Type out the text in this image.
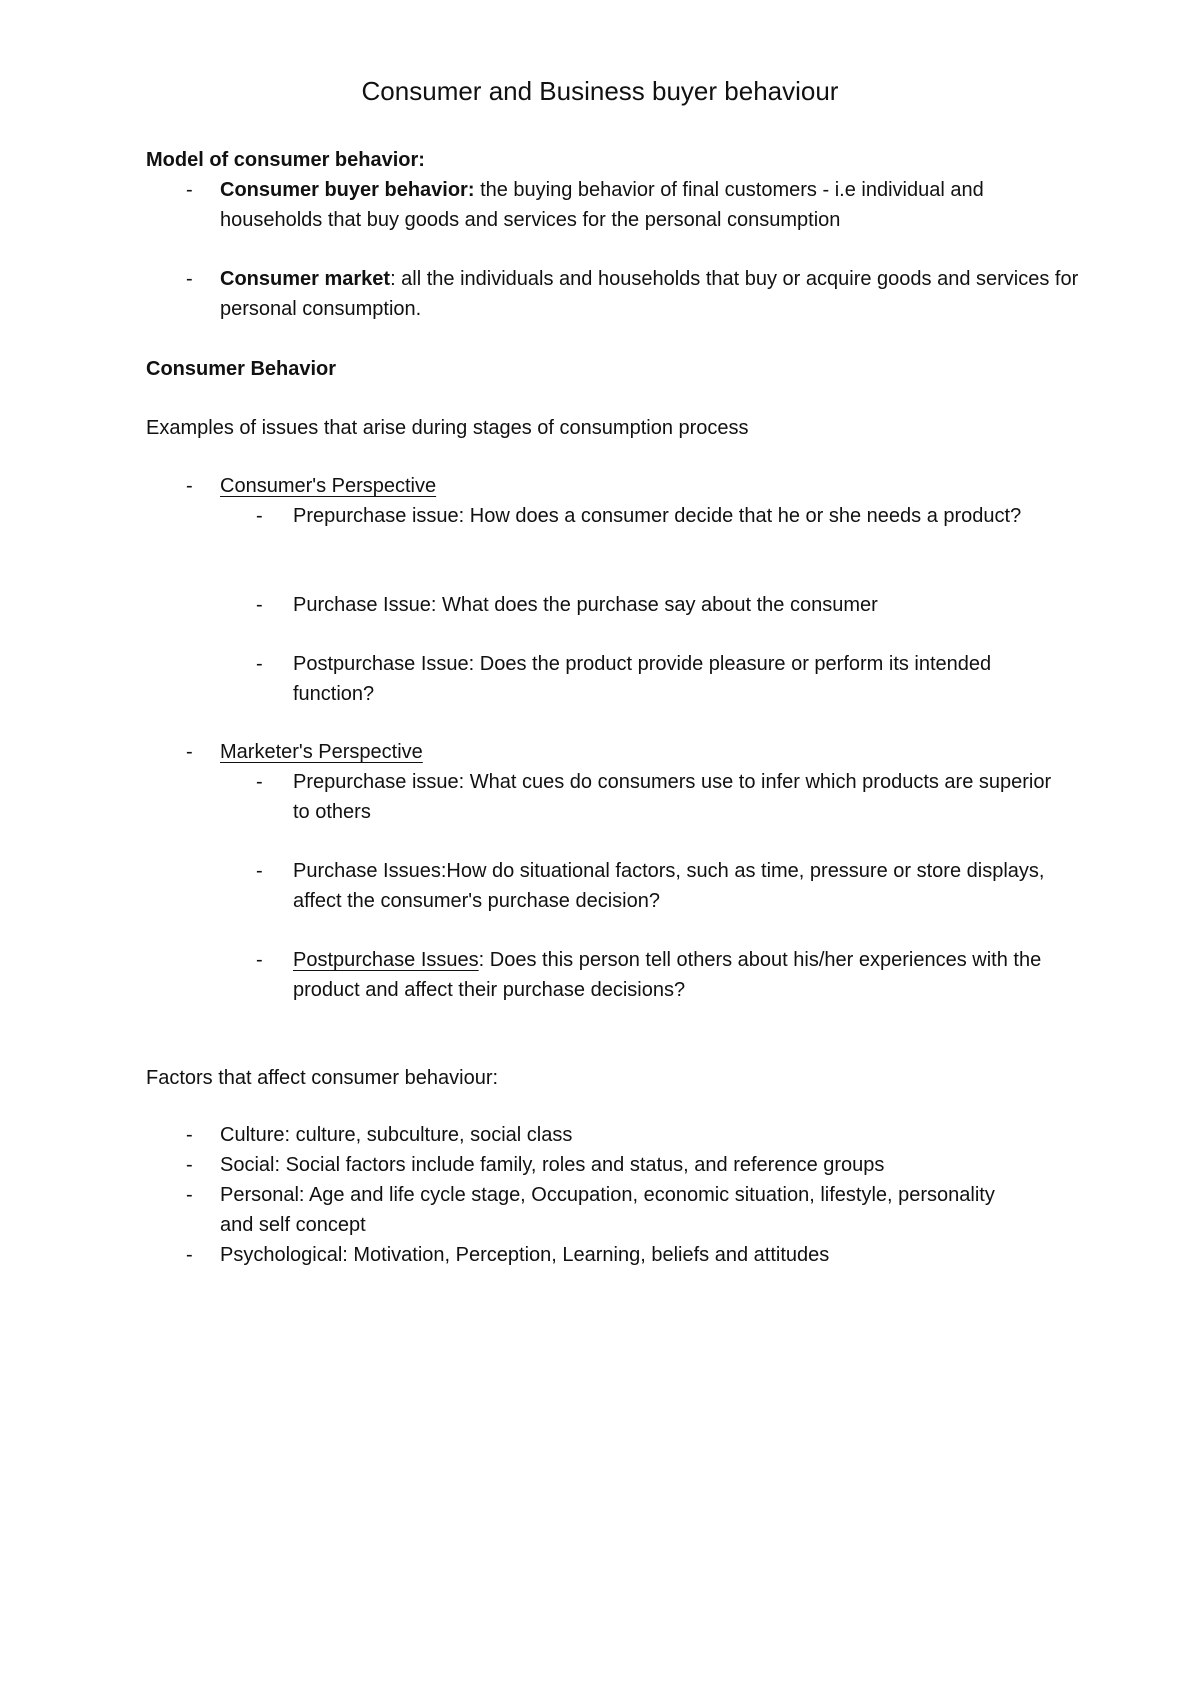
Consumer and Business buyer behaviour
Model of consumer behavior:
- Consumer buyer behavior: the buying behavior of final customers - i.e individual and households that buy goods and services for the personal consumption
- Consumer market: all the individuals and households that buy or acquire goods and services for personal consumption.
Consumer Behavior
Examples of issues that arise during stages of consumption process
- Consumer's Perspective
- Prepurchase issue: How does a consumer decide that he or she needs a product?
- Purchase Issue: What does the purchase say about the consumer
- Postpurchase Issue: Does the product provide pleasure or perform its intended function?
- Marketer's Perspective
- Prepurchase issue: What cues do consumers use to infer which products are superior to others
- Purchase Issues:How do situational factors, such as time, pressure or store displays, affect the consumer's purchase decision?
- Postpurchase Issues: Does this person tell others about his/her experiences with the product and affect their purchase decisions?
Factors that affect consumer behaviour:
- Culture: culture, subculture, social class
- Social: Social factors include family, roles and status, and reference groups
- Personal: Age and life cycle stage, Occupation, economic situation, lifestyle, personality and self concept
- Psychological: Motivation, Perception, Learning, beliefs and attitudes
